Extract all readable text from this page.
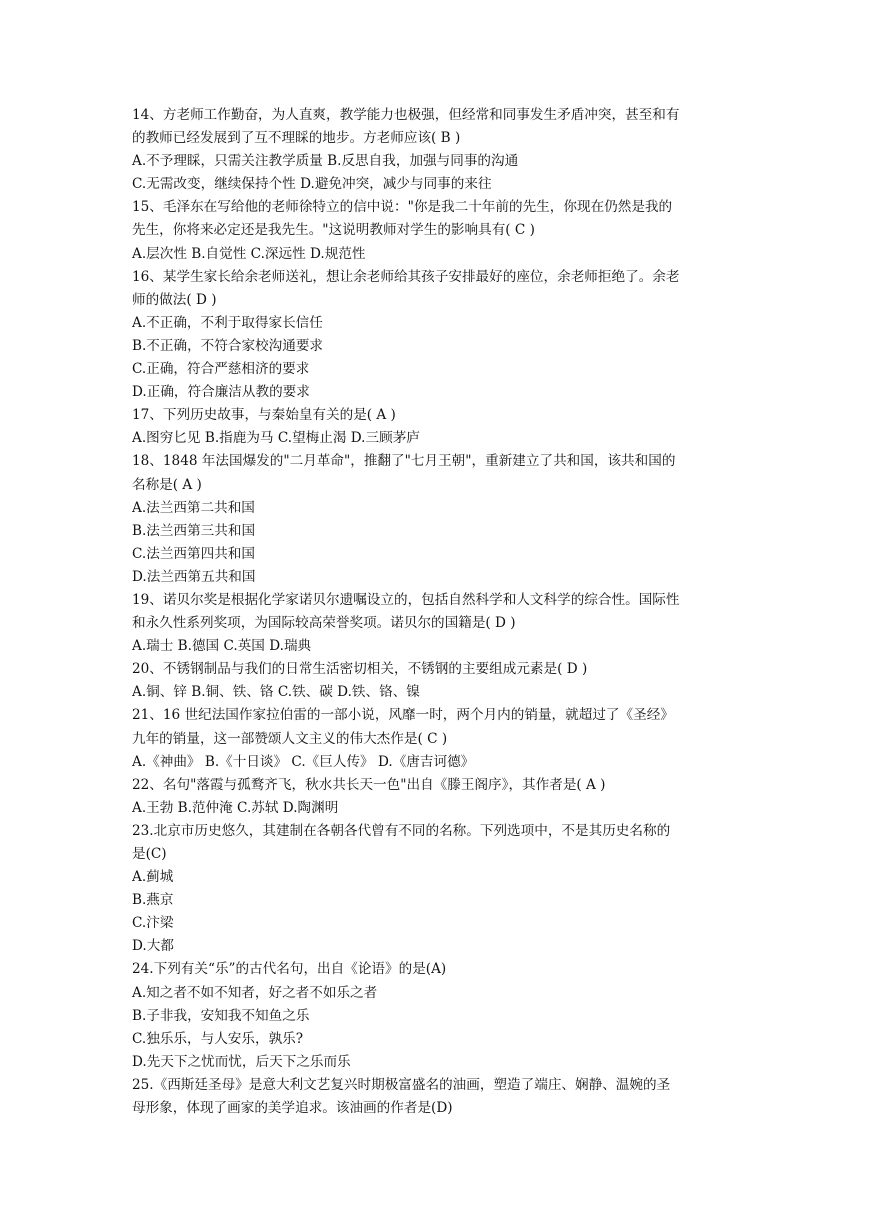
14、方老师工作勤奋，为人直爽，教学能力也极强，但经常和同事发生矛盾冲突，甚至和有
的教师已经发展到了互不理睬的地步。方老师应该( B )
A.不予理睬，只需关注教学质量 B.反思自我，加强与同事的沟通
C.无需改变，继续保持个性 D.避免冲突，减少与同事的来往
15、毛泽东在写给他的老师徐特立的信中说："你是我二十年前的先生，你现在仍然是我的
先生，你将来必定还是我先生。"这说明教师对学生的影响具有( C )
A.层次性 B.自觉性 C.深远性 D.规范性
16、某学生家长给余老师送礼，想让余老师给其孩子安排最好的座位，余老师拒绝了。余老
师的做法( D )
A.不正确，不利于取得家长信任
B.不正确，不符合家校沟通要求
C.正确，符合严慈相济的要求
D.正确，符合廉洁从教的要求
17、下列历史故事，与秦始皇有关的是( A )
A.图穷匕见 B.指鹿为马 C.望梅止渴 D.三顾茅庐
18、1848 年法国爆发的"二月革命"，推翻了"七月王朝"，重新建立了共和国，该共和国的
名称是( A )
A.法兰西第二共和国
B.法兰西第三共和国
C.法兰西第四共和国
D.法兰西第五共和国
19、诺贝尔奖是根据化学家诺贝尔遗嘱设立的，包括自然科学和人文科学的综合性。国际性
和永久性系列奖项，为国际较高荣誉奖项。诺贝尔的国籍是( D )
A.瑞士 B.德国 C.英国 D.瑞典
20、不锈钢制品与我们的日常生活密切相关，不锈钢的主要组成元素是( D )
A.铜、锌 B.铜、铁、铬 C.铁、碳 D.铁、铬、镍
21、16 世纪法国作家拉伯雷的一部小说，风靡一时，两个月内的销量，就超过了《圣经》
九年的销量，这一部赞颂人文主义的伟大杰作是( C )
A.《神曲》 B.《十日谈》 C.《巨人传》 D.《唐吉诃德》
22、名句"落霞与孤鹜齐飞，秋水共长天一色"出自《滕王阁序》，其作者是( A )
A.王勃 B.范仲淹 C.苏轼 D.陶渊明
23.北京市历史悠久，其建制在各朝各代曾有不同的名称。下列选项中，不是其历史名称的
是(C)
A.蓟城
B.燕京
C.汴梁
D.大都
24.下列有关“乐”的古代名句，出自《论语》的是(A)
A.知之者不如不知者，好之者不如乐之者
B.子非我，安知我不知鱼之乐
C.独乐乐，与人安乐，孰乐?
D.先天下之忧而忧，后天下之乐而乐
25.《西斯廷圣母》是意大利文艺复兴时期极富盛名的油画，塑造了端庄、娴静、温婉的圣
母形象，体现了画家的美学追求。该油画的作者是(D)
